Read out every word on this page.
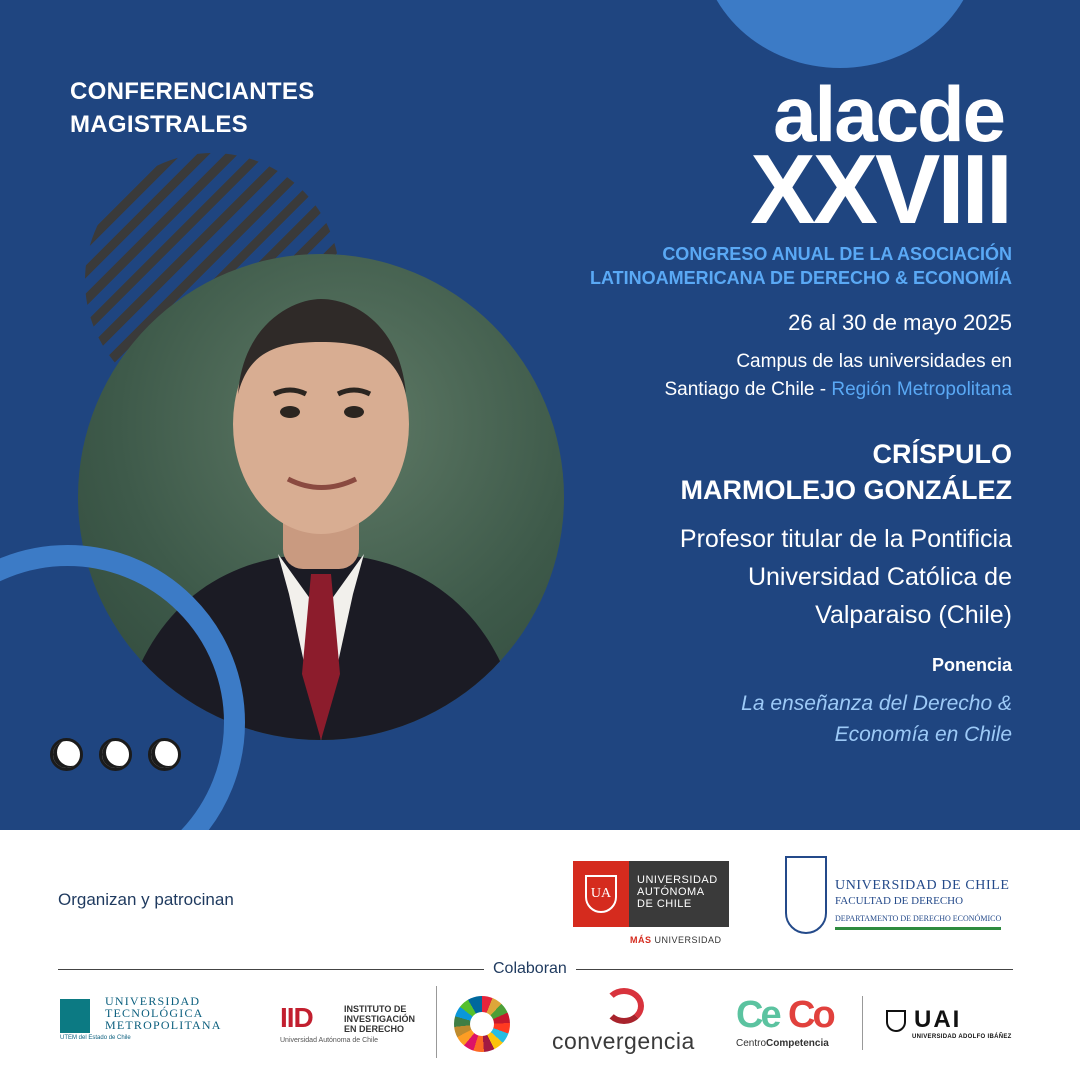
CONFERENCIANTES
MAGISTRALES	alacde
XXVIII
CONGRESO ANUAL DE LA ASOCIACIÓN
LATINOAMERICANA DE DERECHO & ECONOMÍA
26 al 30 de mayo 2025
Campus de las universidades en
Santiago de Chile - Región Metropolitana
CRÍSPULO
MARMOLEJO GONZÁLEZ
Profesor titular de la Pontificia
Universidad Católica de
Valparaiso (Chile)
Ponencia
La enseñanza del Derecho &
Economía en Chile
Organizan y patrocinan	UA
UNIVERSIDAD
AUTÓNOMA
DE CHILE
MÁS UNIVERSIDAD
UNIVERSIDAD DE CHILE
FACULTAD DE DERECHO
DEPARTAMENTO DE DERECHO ECONÓMICO
Colaboran
UNIVERSIDAD
TECNOLÓGICA
METROPOLITANA
UTEM del Estado de Chile
IID	INSTITUTO DE
INVESTIGACIÓN
EN DERECHO
Universidad Autónoma de Chile	convergencia
Ce Co
CentroCompetencia
UAI
UNIVERSIDAD ADOLFO IBÁÑEZ
